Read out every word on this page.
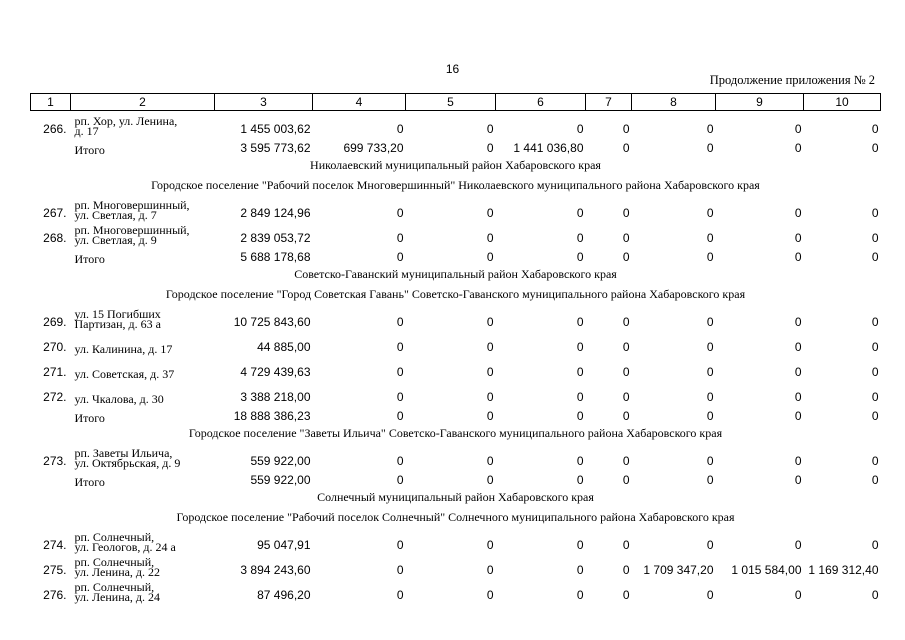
16
Продолжение приложения № 2
1	2	3	4	5	6	7	8	9	10
266.	рп. Хор, ул. Ленина,
д. 17	1 455 003,62	0	0	0	0	0	0	0

	Итого	3 595 773,62	699 733,20	0	1 441 036,80	0	0	0	0
Николаевский муниципальный район Хабаровского края									
Городское поселение "Рабочий поселок Многовершинный" Николаевского муниципального района Хабаровского края									
267.	рп. Многовершинный,
ул. Светлая, д. 7	2 849 124,96	0	0	0	0	0	0	0
268.	рп. Многовершинный,
ул. Светлая, д. 9	2 839 053,72	0	0	0	0	0	0	0

	Итого	5 688 178,68	0	0	0	0	0	0	0
Советско-Гаванский муниципальный район Хабаровского края									
Городское поселение "Город Советская Гавань" Советско-Гаванского муниципального района Хабаровского края									
269.	ул. 15 Погибших
Партизан, д. 63 а	10 725 843,60	0	0	0	0	0	0	0
270.	ул. Калинина, д. 17	44 885,00	0	0	0	0	0	0	0
271.	ул. Советская, д. 37	4 729 439,63	0	0	0	0	0	0	0
272.	ул. Чкалова, д. 30	3 388 218,00	0	0	0	0	0	0	0

	Итого	18 888 386,23	0	0	0	0	0	0	0
Городское поселение "Заветы Ильича" Советско-Гаванского муниципального района Хабаровского края									
273.	рп. Заветы Ильича,
ул. Октябрьская, д. 9	559 922,00	0	0	0	0	0	0	0

	Итого	559 922,00	0	0	0	0	0	0	0
Солнечный муниципальный район Хабаровского края									
Городское поселение "Рабочий поселок Солнечный" Солнечного муниципального района Хабаровского края									
274.	рп. Солнечный,
ул. Геологов, д. 24 а	95 047,91	0	0	0	0	0	0	0
275.	рп. Солнечный,
ул. Ленина, д. 22	3 894 243,60	0	0	0	0	1 709 347,20	1 015 584,00	1 169 312,40
276.	рп. Солнечный,
ул. Ленина, д. 24	87 496,20	0	0	0	0	0	0	0
